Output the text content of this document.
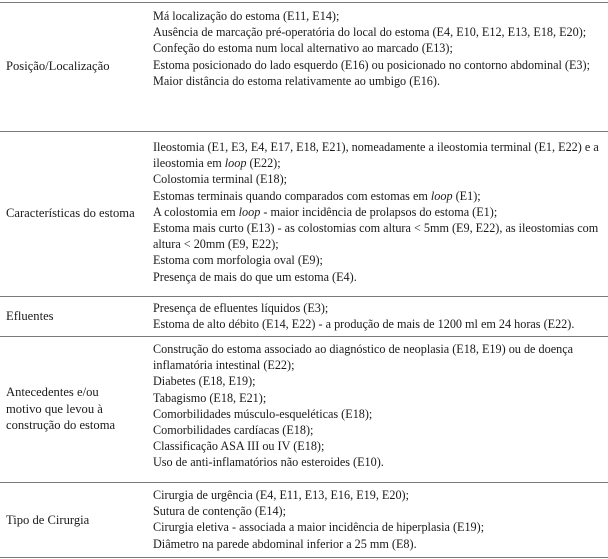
Posição/Localização

Má localização do estoma (E11, E14);

Ausência de marcação pré-operatória do local do estoma (E4, E10, E12, E13, E18, E20);

Confeção do estoma num local alternativo ao marcado (E13);

Estoma posicionado do lado esquerdo (E16) ou posicionado no contorno abdominal (E3);

Maior distância do estoma relativamente ao umbigo (E16).

Características do estoma

Ileostomia (E1, E3, E4, E17, E18, E21), nomeadamente a ileostomia terminal (E1, E22) e a ileostomia em loop (E22);

Colostomia terminal (E18);

Estomas terminais quando comparados com estomas em loop (E1);

A colostomia em loop - maior incidência de prolapsos do estoma (E1);

Estoma mais curto (E13) - as colostomias com altura < 5mm (E9, E22), as ileostomias com altura < 20mm (E9, E22);

Estoma com morfologia oval (E9);

Presença de mais do que um estoma (E4).

Efluentes

Presença de efluentes líquidos (E3);

Estoma de alto débito (E14, E22) - a produção de mais de 1200 ml em 24 horas (E22).

Antecedentes e/ou motivo que levou à construção do estoma

Construção do estoma associado ao diagnóstico de neoplasia (E18, E19) ou de doença inflamatória intestinal (E22);

Diabetes (E18, E19);

Tabagismo (E18, E21);

Comorbilidades músculo-esqueléticas (E18);

Comorbilidades cardíacas (E18);

Classificação ASA III ou IV (E18);

Uso de anti-inflamatórios não esteroides (E10).

Tipo de Cirurgia

Cirurgia de urgência (E4, E11, E13, E16, E19, E20);

Sutura de contenção (E14);

Cirurgia eletiva - associada a maior incidência de hiperplasia (E19);

Diâmetro na parede abdominal inferior a 25 mm (E8).
